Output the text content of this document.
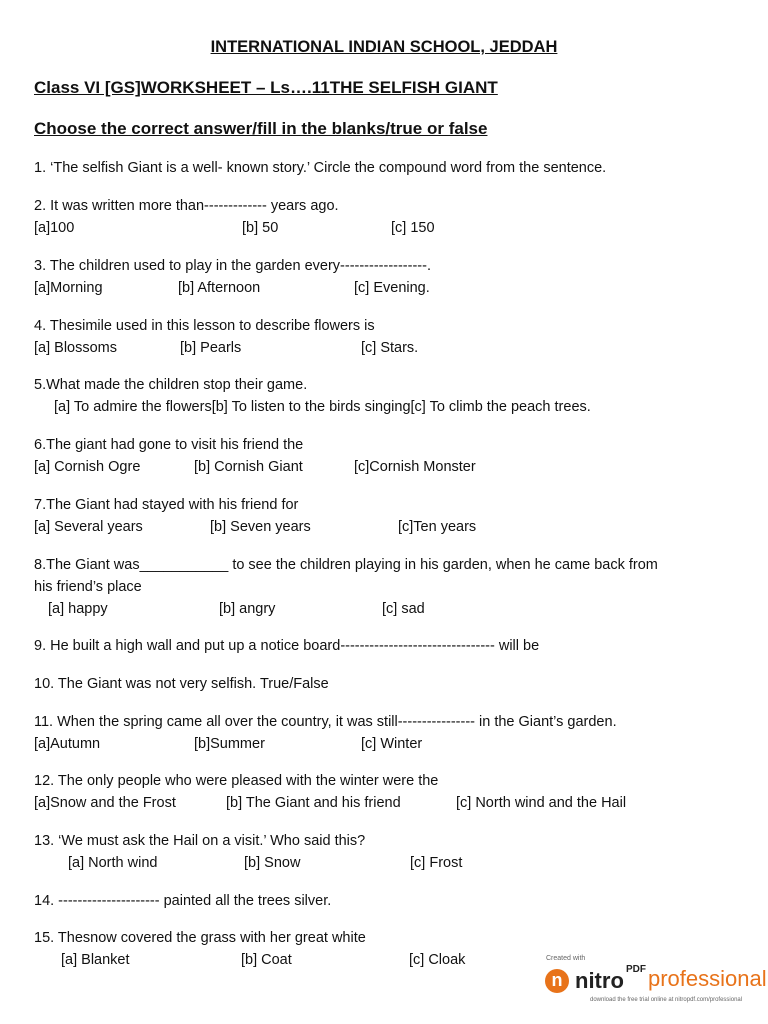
INTERNATIONAL INDIAN SCHOOL, JEDDAH
Class VI [GS]WORKSHEET – Ls….11THE SELFISH GIANT
Choose the correct answer/fill in the blanks/true or false
1. ‘The selfish Giant is a well- known story.’ Circle the compound word from the sentence.
2. It was written more than------------- years ago.
[a]100	[b] 50	[c] 150
3. The children used to play in the garden every------------------.
[a]Morning	[b] Afternoon	[c] Evening.
4. Thesimile used in this lesson to describe flowers is
[a] Blossoms	[b] Pearls	[c] Stars.
5.What made the children stop their game.
[a] To admire the flowers[b] To listen to the birds singing[c] To climb the peach trees.
6.The giant had gone to visit his friend the
[a] Cornish Ogre	[b] Cornish Giant	[c]Cornish Monster
7.The Giant had stayed with his friend for
[a] Several years	[b] Seven years	[c]Ten years
8.The Giant was___________ to see the children playing in his garden, when he came back from
his friend’s place
[a] happy	[b] angry	[c] sad
9. He built a high wall and put up a notice board-------------------------------- will be
10. The Giant was not very selfish. True/False
11. When the spring came all over the country, it was still---------------- in the Giant’s garden.
[a]Autumn	[b]Summer	[c] Winter
12. The only people who were pleased with the winter were the
[a]Snow and the Frost	[b] The Giant and his friend	[c] North wind and the Hail
13. ‘We must ask the Hail on a visit.’ Who said this?
[a] North wind	[b] Snow	[c] Frost
14. --------------------- painted all the trees silver.
15. Thesnow covered the grass with her great white
[a] Blanket	[b] Coat	[c] Cloak	Created with
n nitro PDF professional
download the free trial online at nitropdf.com/professional
